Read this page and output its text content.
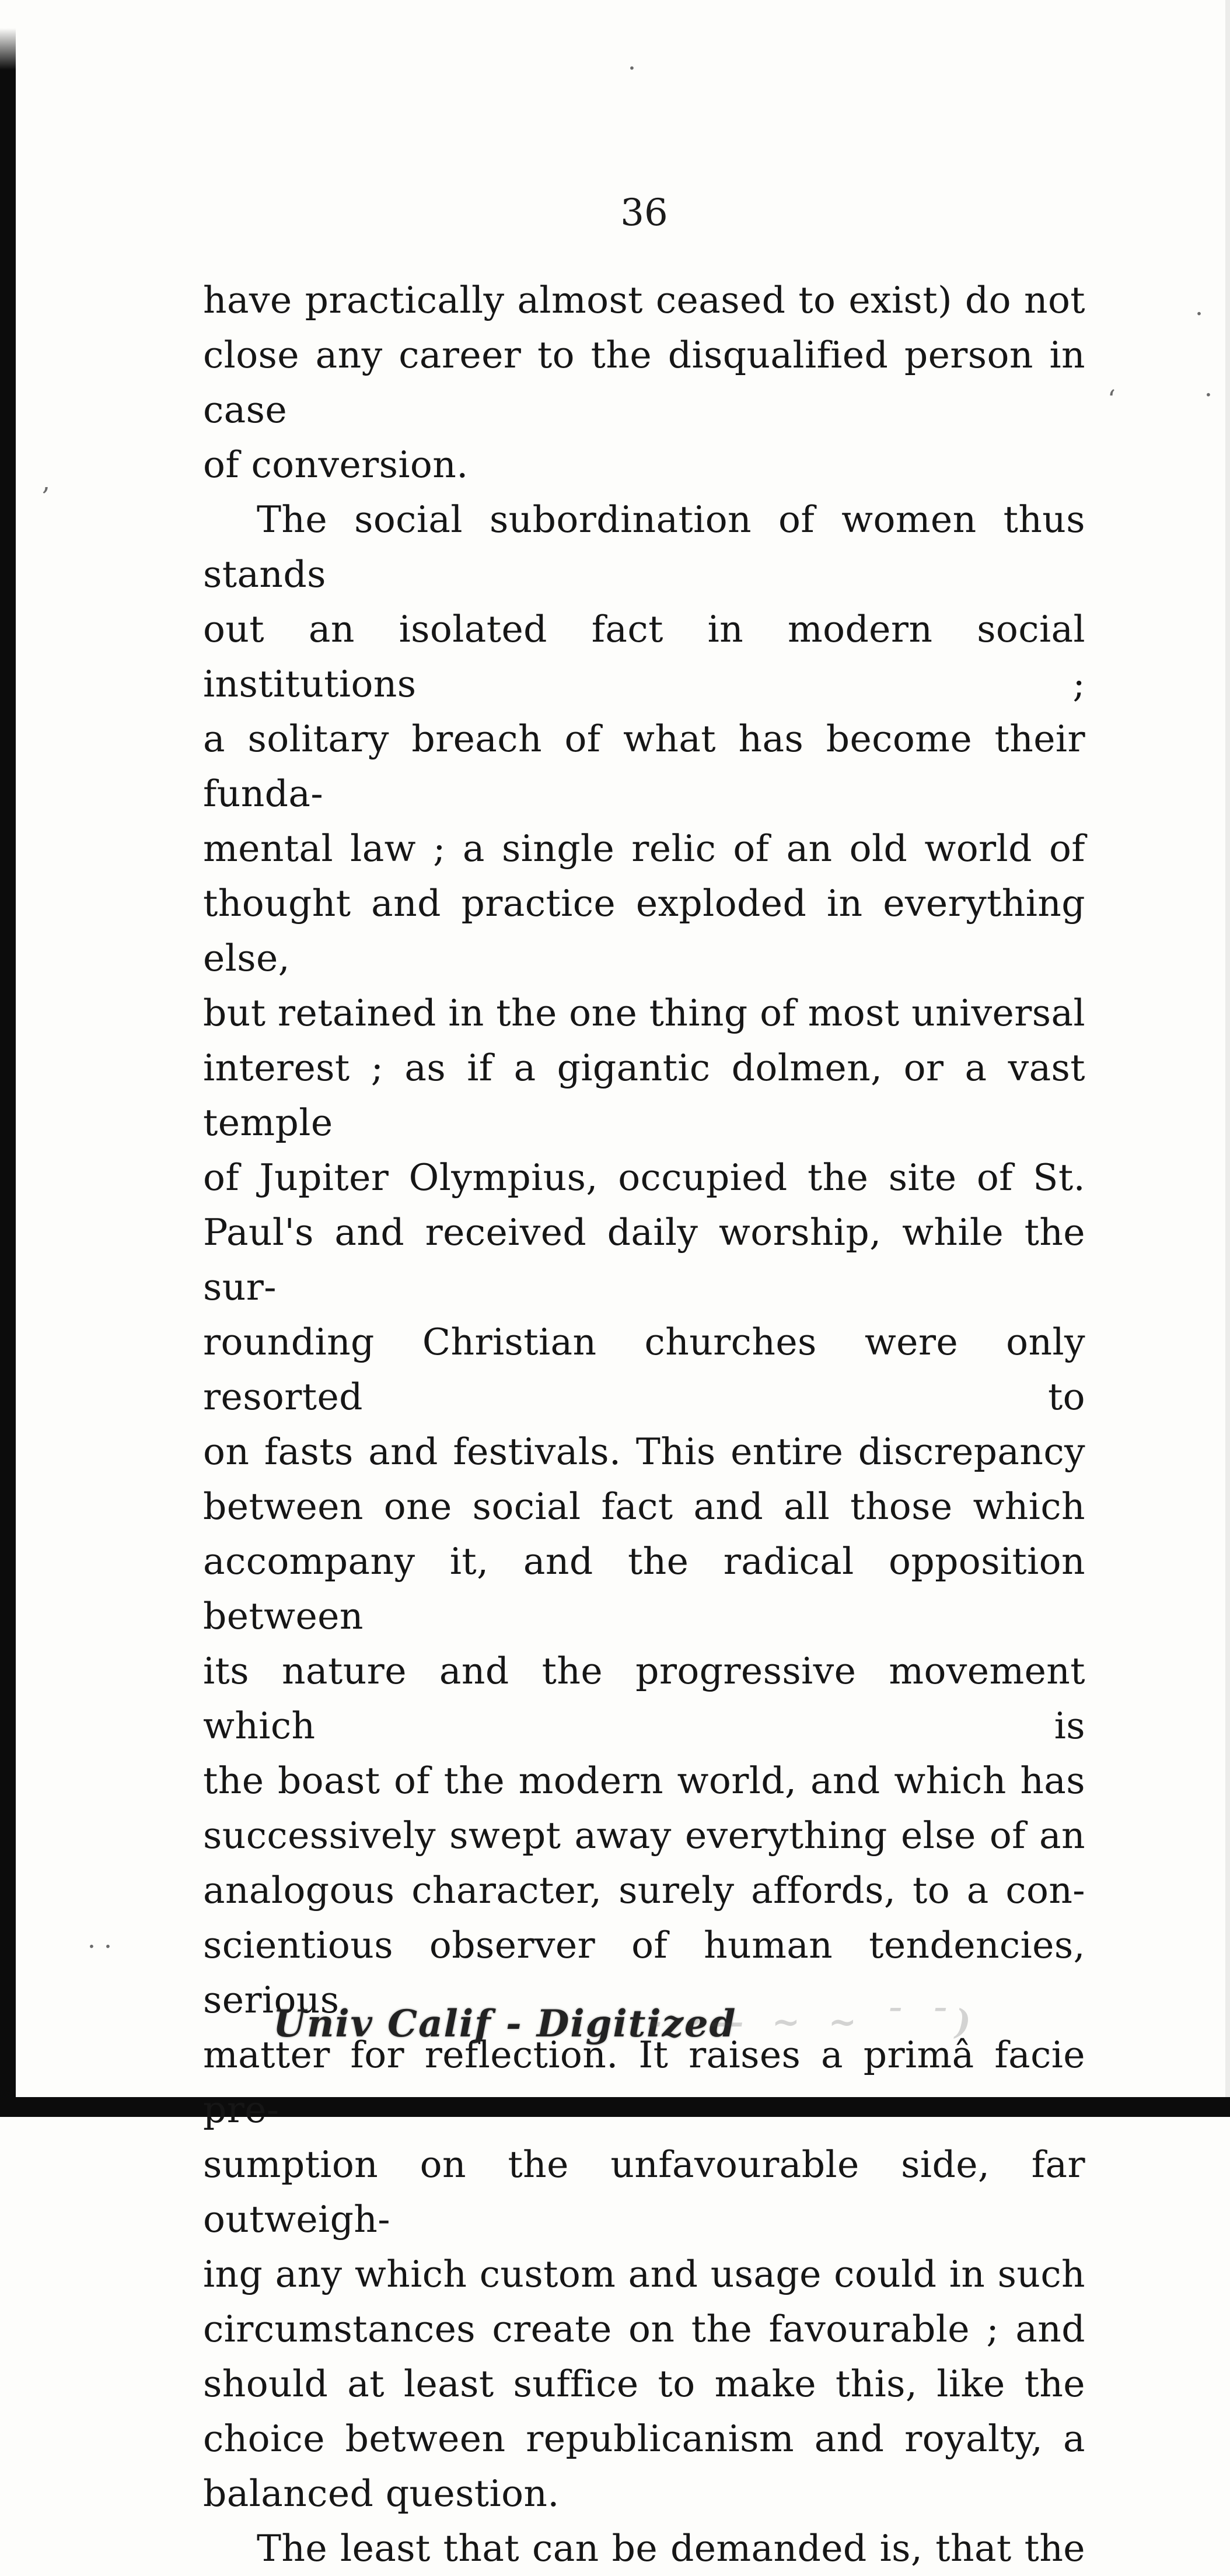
36
have practically almost ceased to exist) do not
close any career to the disqualified person in case
of conversion.
The social subordination of women thus stands
out an isolated fact in modern social institutions ;
a solitary breach of what has become their funda-
mental law ; a single relic of an old world of
thought and practice exploded in everything else,
but retained in the one thing of most universal
interest ; as if a gigantic dolmen, or a vast temple
of Jupiter Olympius, occupied the site of St.
Paul's and received daily worship, while the sur-
rounding Christian churches were only resorted to
on fasts and festivals. This entire discrepancy
between one social fact and all those which
accompany it, and the radical opposition between
its nature and the progressive movement which is
the boast of the modern world, and which has
successively swept away everything else of an
analogous character, surely affords, to a con-
scientious observer of human tendencies, serious
matter for reflection. It raises a primâ facie pre-
sumption on the unfavourable side, far outweigh-
ing any which custom and usage could in such
circumstances create on the favourable ; and
should at least suffice to make this, like the
choice between republicanism and royalty, a
balanced question.
The least that can be demanded is, that the
Univ Calif - Digitized
- ·— ~ ~ ˉ ˉ)
·
.
·
‘
,
· ·
